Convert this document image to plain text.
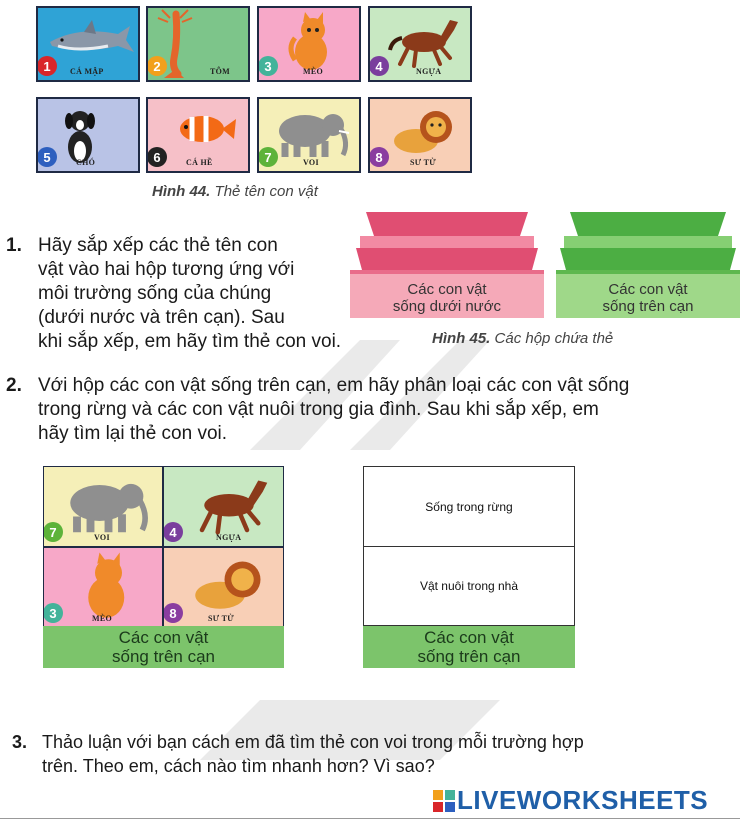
1	CÁ MẬP	2	TÔM	3	MÈO	4	NGỰA
5	CHÓ	6	CÁ HỀ	7	VOI	8	SƯ TỬ
Hình 44. Thẻ tên con vật
1. Hãy sắp xếp các thẻ tên con
vật vào hai hộp tương ứng với
môi trường sống của chúng
(dưới nước và trên cạn). Sau
khi sắp xếp, em hãy tìm thẻ con voi.
Các con vật
sống dưới nước
Các con vật
sống trên cạn
Hình 45. Các hộp chứa thẻ
2. Với hộp các con vật sống trên cạn, em hãy phân loại các con vật sống
trong rừng và các con vật nuôi trong gia đình. Sau khi sắp xếp, em
hãy tìm lại thẻ con voi.
7	VOI	4	NGỰA
3	MÈO	8	SƯ TỬ
Các con vật
sống trên cạn
Sống trong rừng
Vật nuôi trong nhà
Các con vật
sống trên cạn
3. Thảo luận với bạn cách em đã tìm thẻ con voi trong mỗi trường hợp
trên. Theo em, cách nào tìm nhanh hơn? Vì sao?
LIVEWORKSHEETS
